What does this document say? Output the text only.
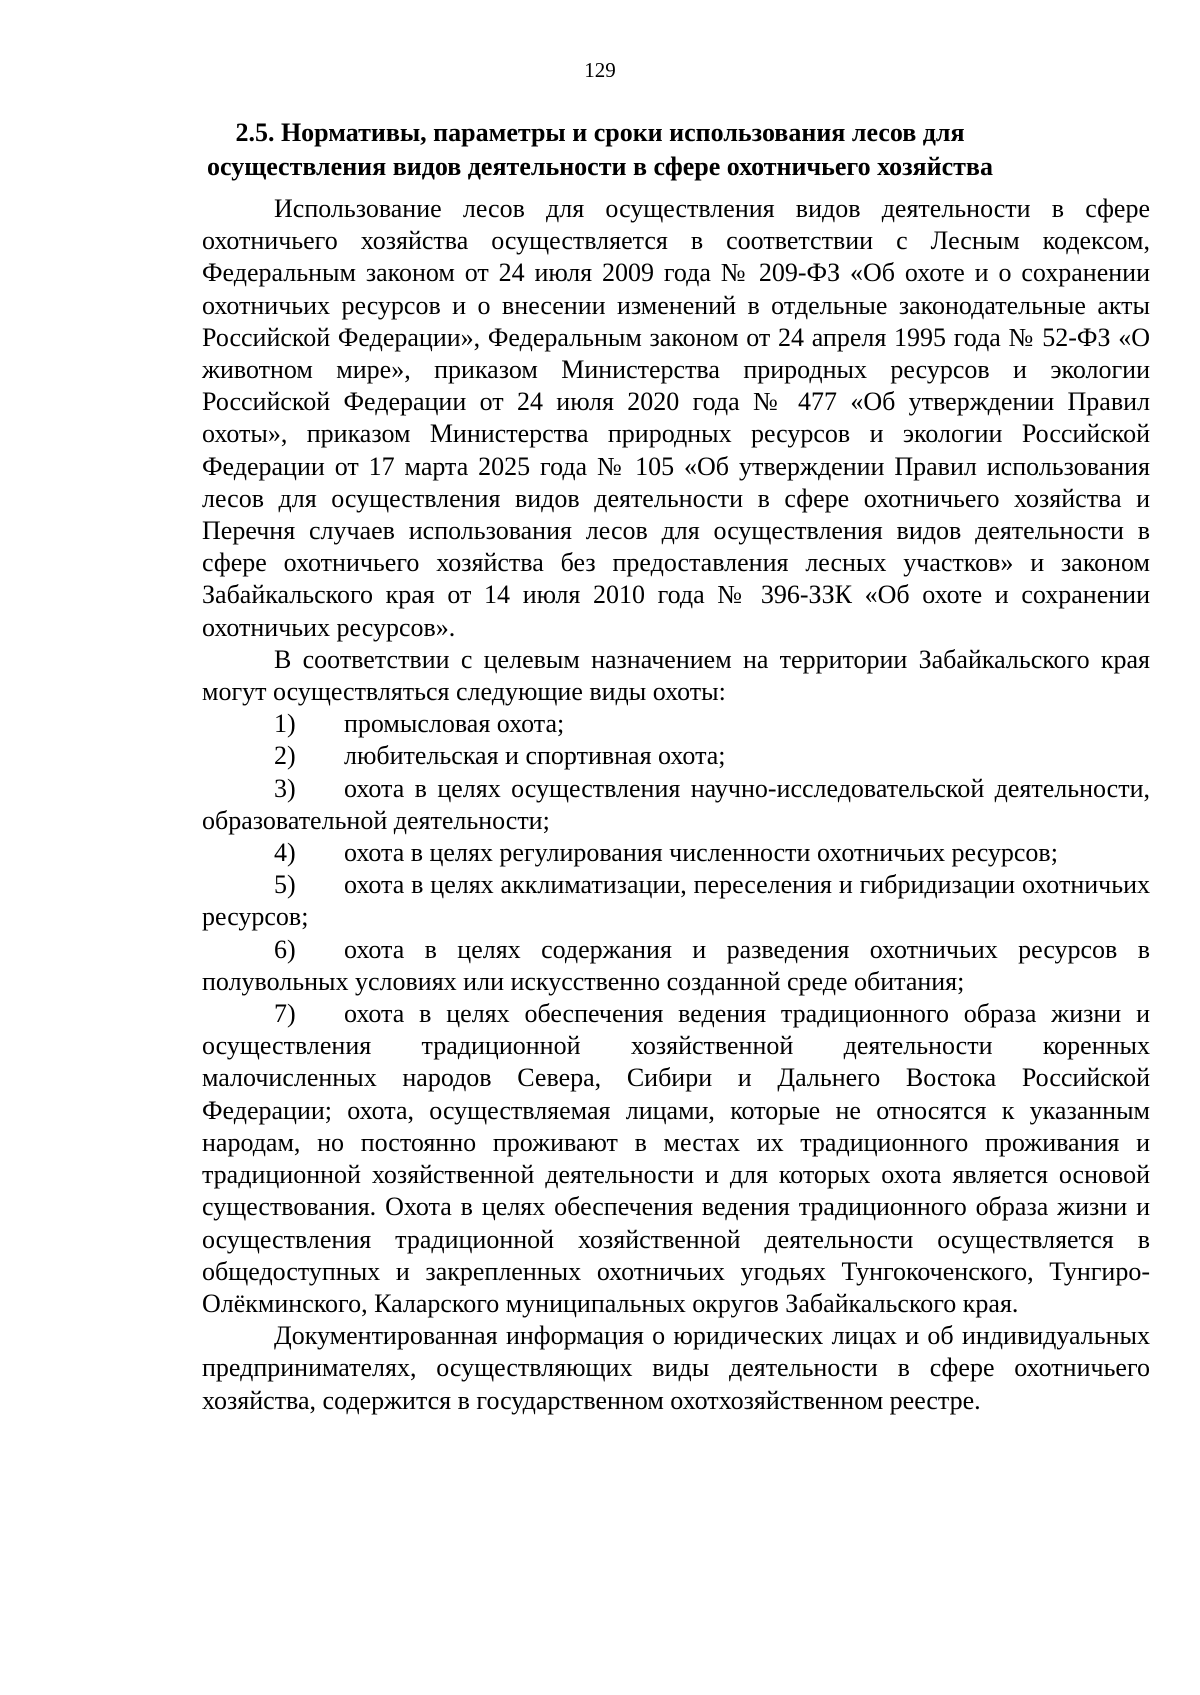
129
2.5. Нормативы, параметры и сроки использования лесов для
осуществления видов деятельности в сфере охотничьего хозяйства

Использование лесов для осуществления видов деятельности в сфере охотничьего хозяйства осуществляется в соответствии с Лесным кодексом, Федеральным законом от 24 июля 2009 года № 209-ФЗ «Об охоте и о сохранении охотничьих ресурсов и о внесении изменений в отдельные законодательные акты Российской Федерации», Федеральным законом от 24 апреля 1995 года № 52-ФЗ «О животном мире», приказом Министерства природных ресурсов и экологии Российской Федерации от 24 июля 2020 года № 477 «Об утверждении Правил охоты», приказом Министерства природных ресурсов и экологии Российской Федерации от 17 марта 2025 года № 105 «Об утверждении Правил использования лесов для осуществления видов деятельности в сфере охотничьего хозяйства и Перечня случаев использования лесов для осуществления видов деятельности в сфере охотничьего хозяйства без предоставления лесных участков» и законом Забайкальского края от 14 июля 2010 года № 396-ЗЗК «Об охоте и сохранении охотничьих ресурсов».

В соответствии с целевым назначением на территории Забайкальского края могут осуществляться следующие виды охоты:

1) промысловая охота;

2) любительская и спортивная охота;

3) охота в целях осуществления научно-исследовательской деятельности, образовательной деятельности;

4) охота в целях регулирования численности охотничьих ресурсов;

5) охота в целях акклиматизации, переселения и гибридизации охотничьих ресурсов;

6) охота в целях содержания и разведения охотничьих ресурсов в полувольных условиях или искусственно созданной среде обитания;

7) охота в целях обеспечения ведения традиционного образа жизни и осуществления традиционной хозяйственной деятельности коренных малочисленных народов Севера, Сибири и Дальнего Востока Российской Федерации; охота, осуществляемая лицами, которые не относятся к указанным народам, но постоянно проживают в местах их традиционного проживания и традиционной хозяйственной деятельности и для которых охота является основой существования. Охота в целях обеспечения ведения традиционного образа жизни и осуществления традиционной хозяйственной деятельности осуществляется в общедоступных и закрепленных охотничьих угодьях Тунгокоченского, Тунгиро-Олёкминского, Каларского муниципальных округов Забайкальского края.

Документированная информация о юридических лицах и об индивидуальных предпринимателях, осуществляющих виды деятельности в сфере охотничьего хозяйства, содержится в государственном охотхозяйственном реестре.
